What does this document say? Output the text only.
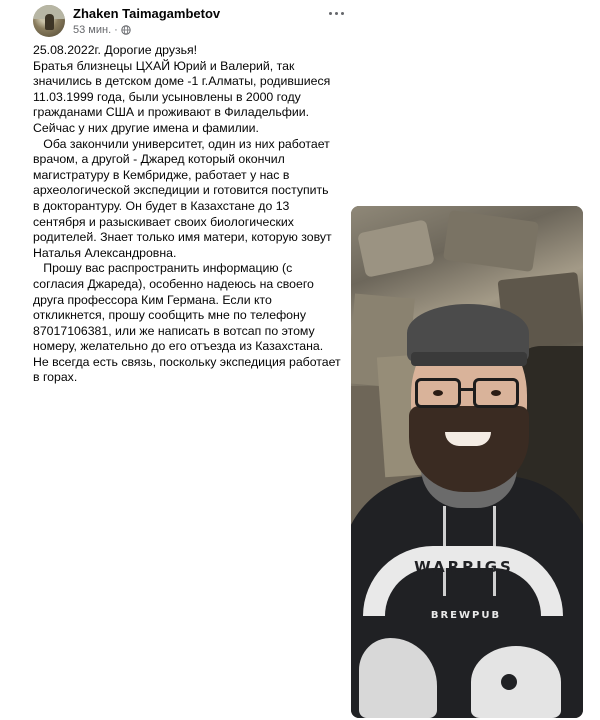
Zhaken Taimagambetov
53 мин. ·
25.08.2022г. Дорогие друзья!
Братья близнецы ЦХАЙ Юрий и Валерий, так
значились в детском доме -1 г.Алматы, родившиеся
11.03.1999 года, были усыновлены в 2000 году
гражданами США и проживают в Филадельфии.
Сейчас у них другие имена и фамилии.
Оба закончили университет, один из них работает
врачом, а другой - Джаред который окончил
магистратуру в Кембридже, работает у нас в
археологической экспедиции и готовится поступить
в докторантуру. Он будет в Казахстане до 13
сентября и разыскивает своих биологических
родителей. Знает только имя матери, которую зовут
Наталья Александровна.
Прошу вас распространить информацию (с
согласия Джареда), особенно надеюсь на своего
друга профессора Ким Германа. Если кто
откликнется, прошу сообщить мне по телефону
87017106381, или же написать в вотсап по этому
номеру, желательно до его отъезда из Казахстана.
Не всегда есть связь, поскольку экспедиция работает
в горах.
WARPIGS
BREWPUB
